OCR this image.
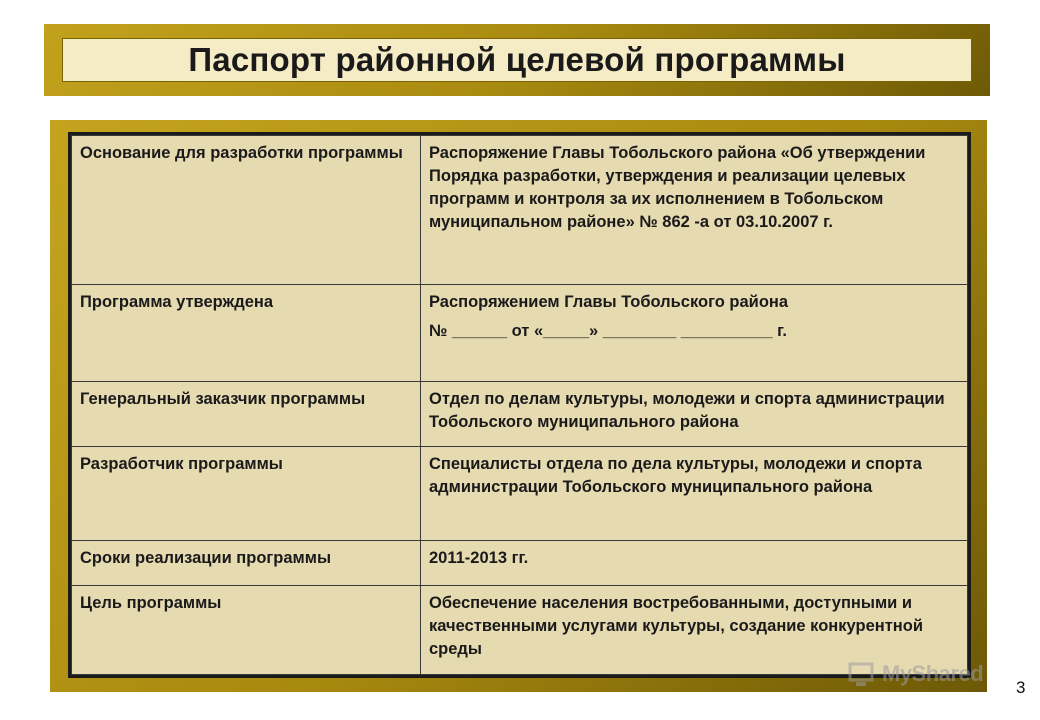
Паспорт районной целевой программы
Основание для разработки программы	Распоряжение Главы Тобольского района «Об утверждении Порядка разработки, утверждения и реализации целевых программ и контроля за их исполнением в Тобольском муниципальном районе» № 862 -а от 03.10.2007 г.
Программа утверждена	Распоряжением Главы Тобольского района
№ ______ от «_____» ________ __________ г.

Генеральный заказчик программы	Отдел по делам культуры, молодежи и спорта администрации Тобольского муниципального района
Разработчик программы	Специалисты отдела по дела культуры, молодежи и спорта администрации Тобольского муниципального района
Сроки реализации программы	2011-2013 гг.
Цель программы	Обеспечение населения востребованными, доступными и качественными услугами культуры, создание конкурентной среды
MyShared
3
